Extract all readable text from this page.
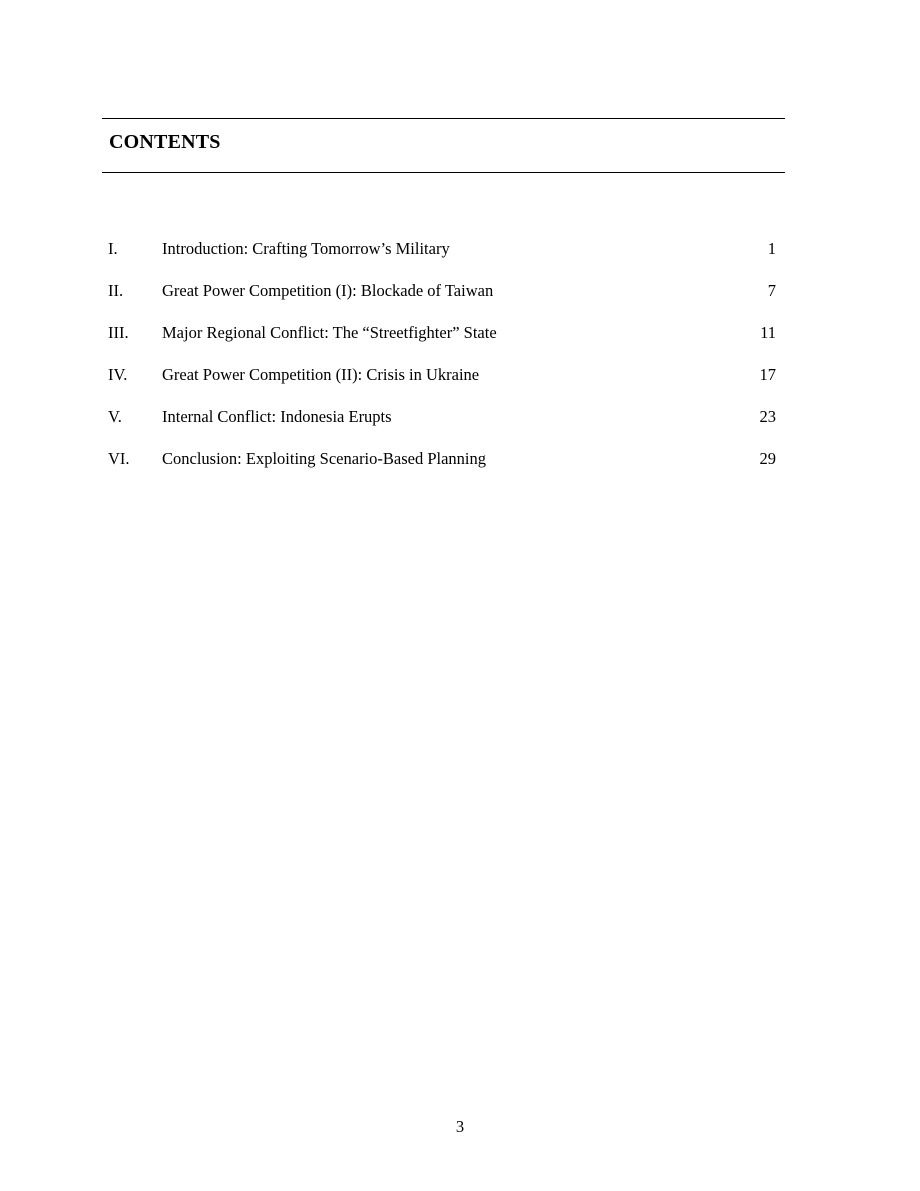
CONTENTS
I.	Introduction: Crafting Tomorrow’s Military	1
II. Great Power Competition (I): Blockade of Taiwan	7
III. Major Regional Conflict: The “Streetfighter” State	11
IV. Great Power Competition (II): Crisis in Ukraine	17
V. Internal Conflict: Indonesia Erupts	23
VI. Conclusion: Exploiting Scenario-Based Planning	29
3
